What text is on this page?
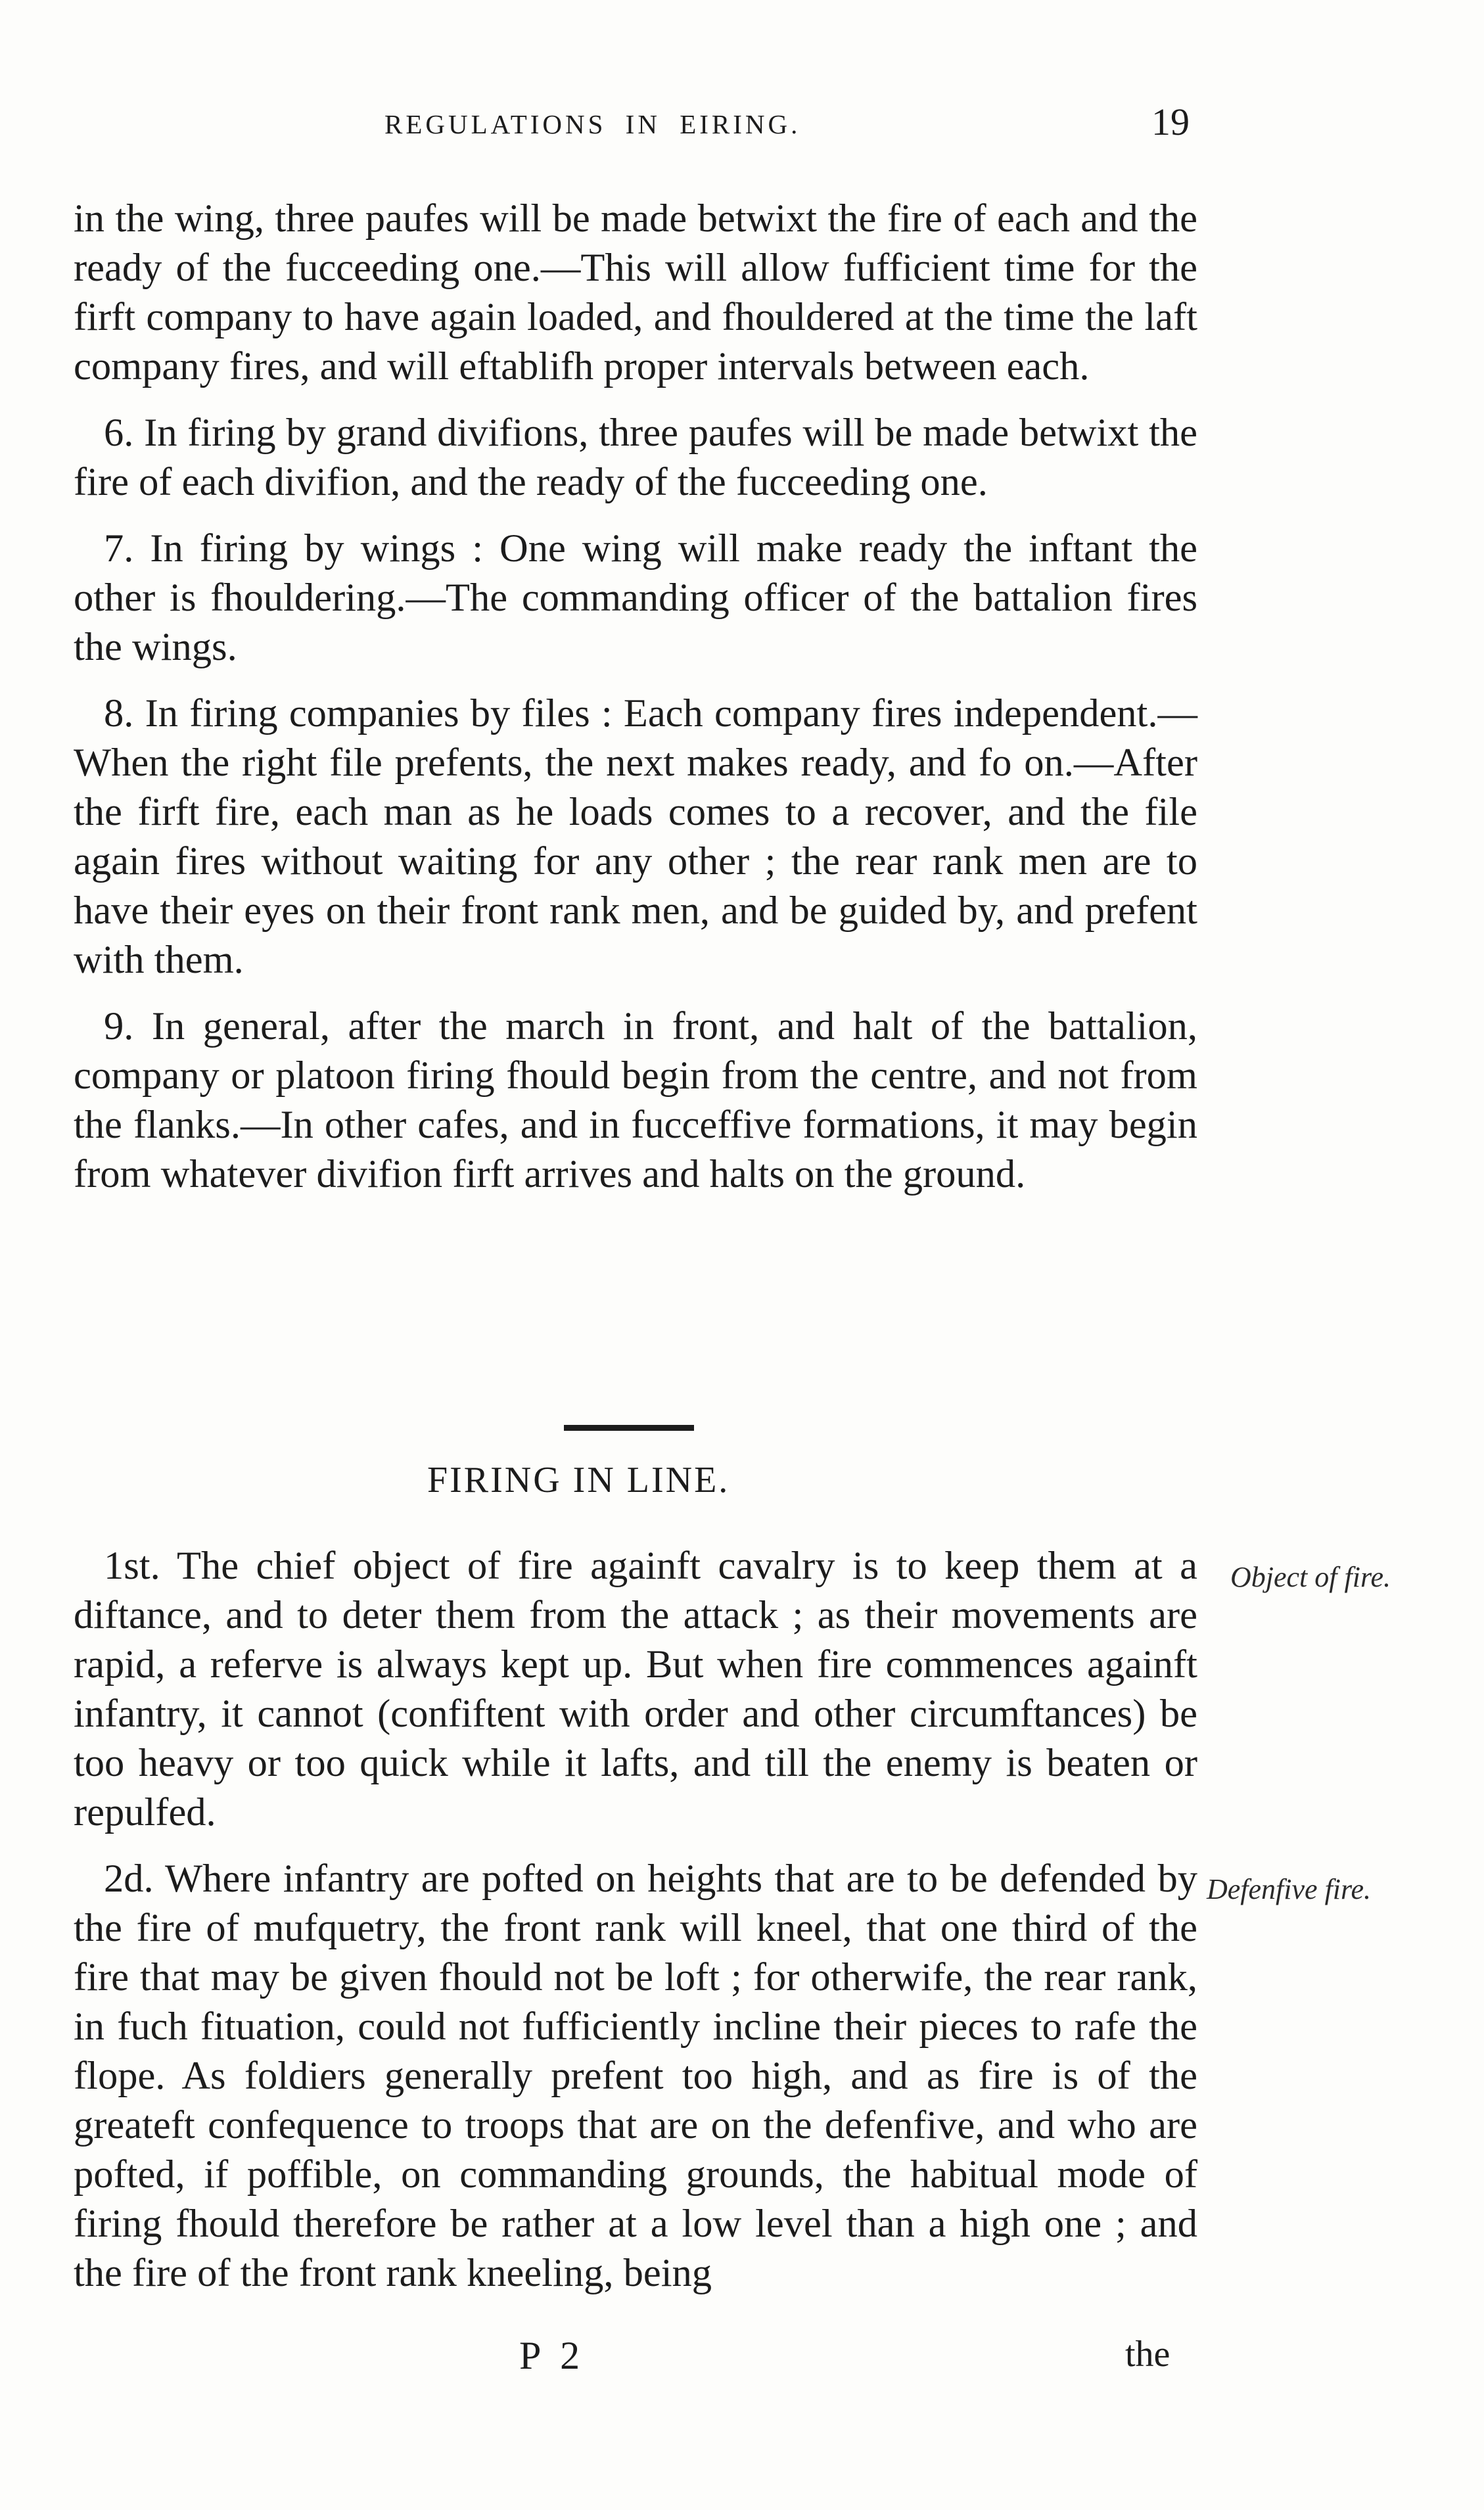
REGULATIONS IN EIRING.	19

in the wing, three paufes will be made betwixt the fire of each and the ready of the fucceeding one.—This will allow fufficient time for the firft company to have again loaded, and fhouldered at the time the laft company fires, and will eftablifh proper intervals between each.

6. In firing by grand divifions, three paufes will be made betwixt the fire of each divifion, and the ready of the fucceeding one.

7. In firing by wings : One wing will make ready the inftant the other is fhouldering.—The commanding officer of the battalion fires the wings.

8. In firing companies by files : Each company fires independent.—When the right file prefents, the next makes ready, and fo on.—After the firft fire, each man as he loads comes to a recover, and the file again fires without waiting for any other ; the rear rank men are to have their eyes on their front rank men, and be guided by, and prefent with them.

9. In general, after the march in front, and halt of the battalion, company or platoon firing fhould begin from the centre, and not from the flanks.—In other cafes, and in fucceffive formations, it may begin from whatever divifion firft arrives and halts on the ground.

FIRING IN LINE.

1st. The chief object of fire againft cavalry is to keep them at a diftance, and to deter them from the attack ; as their movements are rapid, a referve is always kept up. But when fire commences againft infantry, it cannot (confiftent with order and other circumftances) be too heavy or too quick while it lafts, and till the enemy is beaten or repulfed.

2d. Where infantry are pofted on heights that are to be defended by the fire of mufquetry, the front rank will kneel, that one third of the fire that may be given fhould not be loft ; for otherwife, the rear rank, in fuch fituation, could not fufficiently incline their pieces to rafe the flope. As foldiers generally prefent too high, and as fire is of the greateft confequence to troops that are on the defenfive, and who are pofted, if poffible, on commanding grounds, the habitual mode of firing fhould therefore be rather at a low level than a high one ; and the fire of the front rank kneeling, being

Object of fire.
Defenfive fire.
P 2	the
